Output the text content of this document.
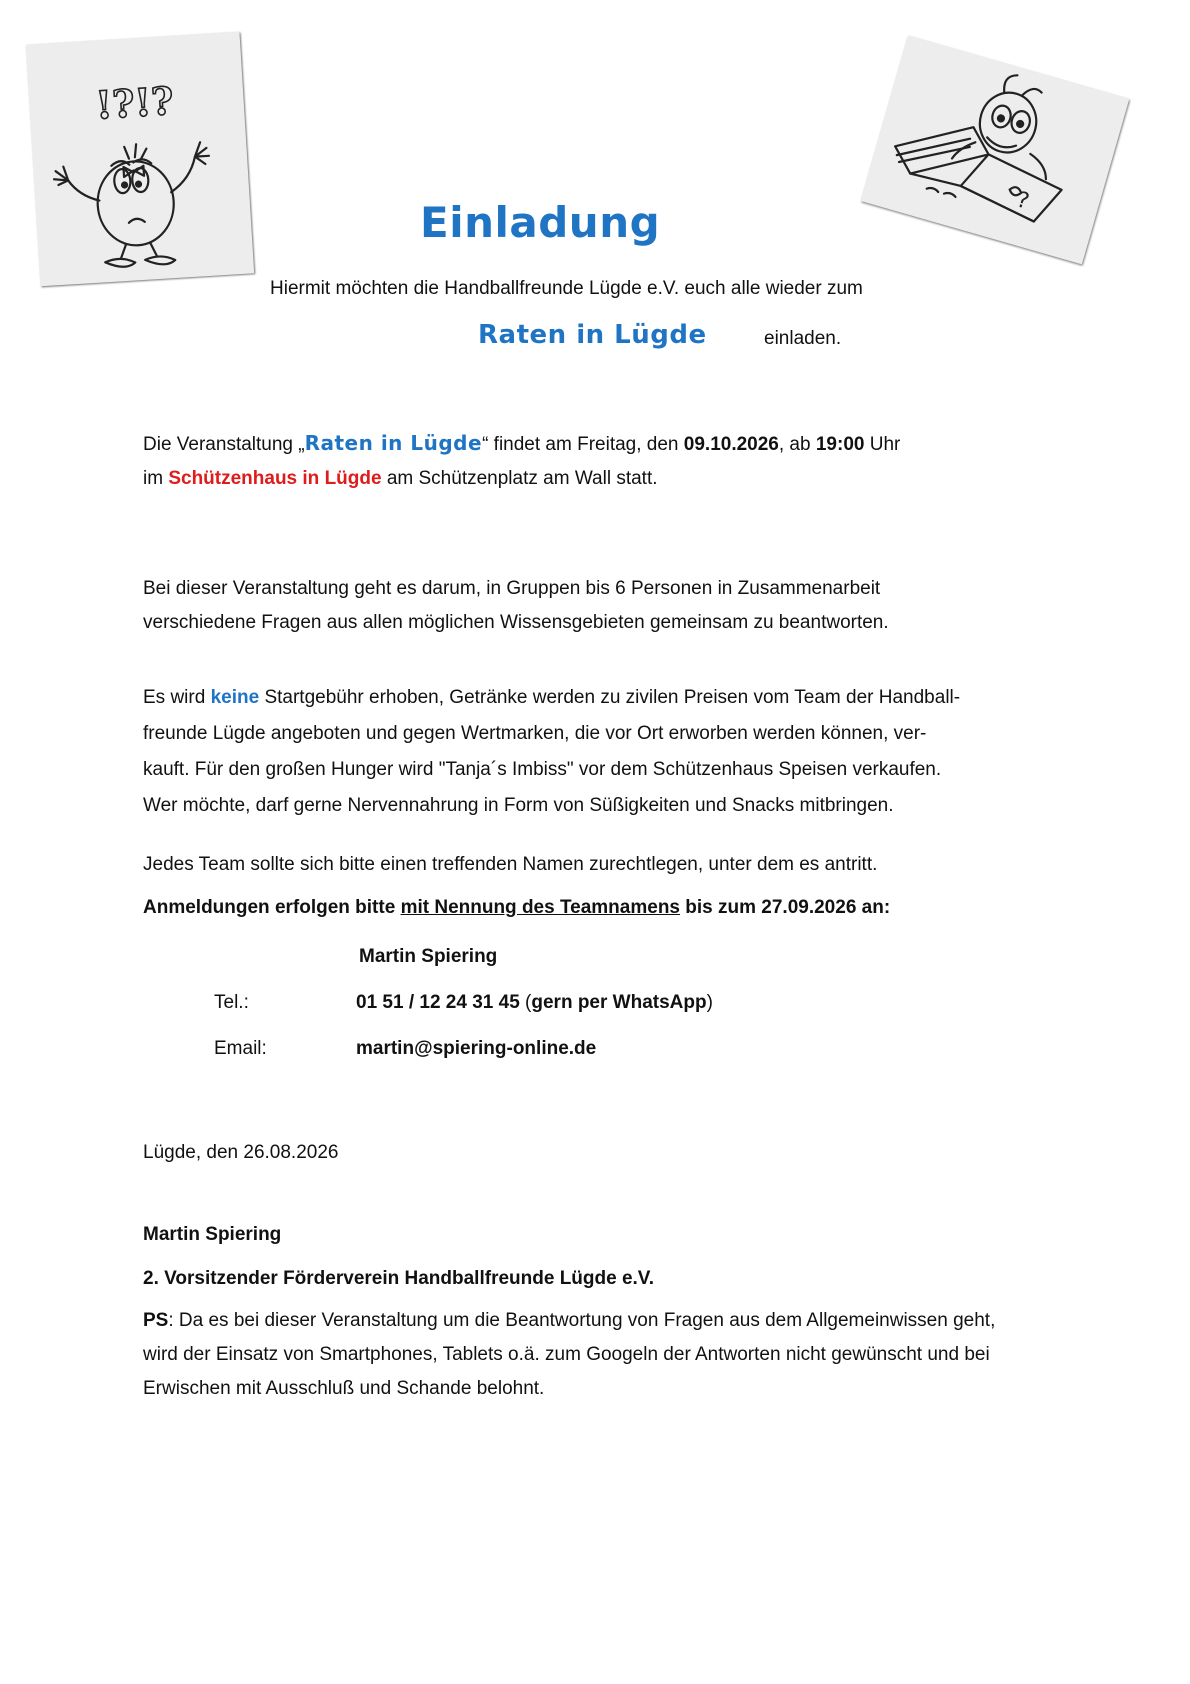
!?!?
?
Einladung
Hiermit möchten die Handballfreunde Lügde e.V. euch alle wieder zum
Raten in Lügde	einladen.
Die Veranstaltung „Raten in Lügde“ findet am Freitag, den 09.10.2026, ab 19:00 Uhr
im Schützenhaus in Lügde am Schützenplatz am Wall statt.
Bei dieser Veranstaltung geht es darum, in Gruppen bis 6 Personen in Zusammenarbeit
verschiedene Fragen aus allen möglichen Wissensgebieten gemeinsam zu beantworten.
Es wird keine Startgebühr erhoben, Getränke werden zu zivilen Preisen vom Team der Handball-
freunde Lügde angeboten und gegen Wertmarken, die vor Ort erworben werden können, ver-
kauft. Für den großen Hunger wird "Tanja´s Imbiss" vor dem Schützenhaus Speisen verkaufen.
Wer möchte, darf gerne Nervennahrung in Form von Süßigkeiten und Snacks mitbringen.
Jedes Team sollte sich bitte einen treffenden Namen zurechtlegen, unter dem es antritt.
Anmeldungen erfolgen bitte mit Nennung des Teamnamens bis zum 27.09.2026 an:
Martin Spiering
Tel.:	01 51 / 12 24 31 45 (gern per WhatsApp)
Email:	martin@spiering-online.de
Lügde, den 26.08.2026
Martin Spiering
2. Vorsitzender Förderverein Handballfreunde Lügde e.V.
PS: Da es bei dieser Veranstaltung um die Beantwortung von Fragen aus dem Allgemeinwissen geht,
wird der Einsatz von Smartphones, Tablets o.ä. zum Googeln der Antworten nicht gewünscht und bei
Erwischen mit Ausschluß und Schande belohnt.
